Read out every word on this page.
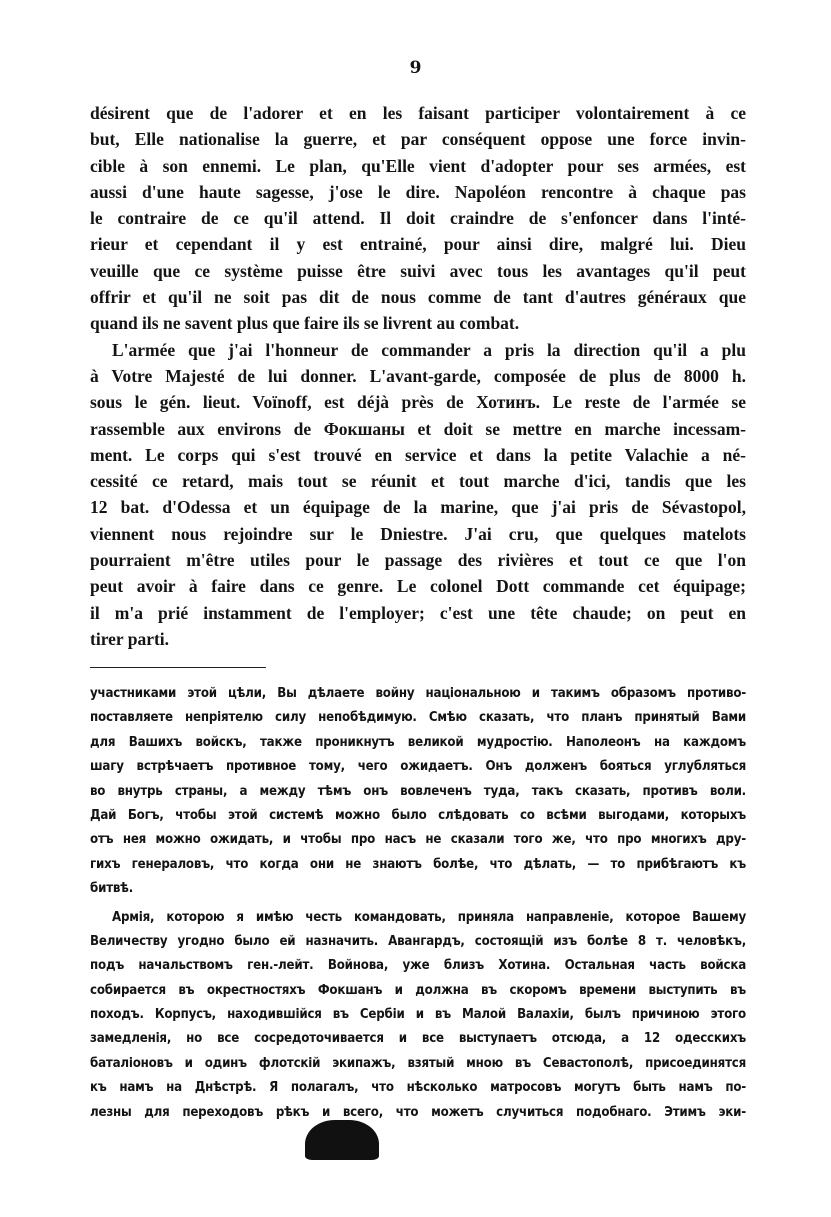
9
désirent que de l'adorer et en les faisant participer volontairement à ce
but, Elle nationalise la guerre, et par conséquent oppose une force invin-
cible à son ennemi. Le plan, qu'Elle vient d'adopter pour ses armées, est
aussi d'une haute sagesse, j'ose le dire. Napoléon rencontre à chaque pas
le contraire de ce qu'il attend. Il doit craindre de s'enfoncer dans l'inté-
rieur et cependant il y est entrainé, pour ainsi dire, malgré lui. Dieu
veuille que ce système puisse être suivi avec tous les avantages qu'il peut
offrir et qu'il ne soit pas dit de nous comme de tant d'autres généraux que
quand ils ne savent plus que faire ils se livrent au combat.
L'armée que j'ai l'honneur de commander a pris la direction qu'il a plu
à Votre Majesté de lui donner. L'avant-garde, composée de plus de 8000 h.
sous le gén. lieut. Voïnoff, est déjà près de Хотинъ. Le reste de l'armée se
rassemble aux environs de Фокшаны et doit se mettre en marche incessam-
ment. Le corps qui s'est trouvé en service et dans la petite Valachie a né-
cessité ce retard, mais tout se réunit et tout marche d'ici, tandis que les
12 bat. d'Odessa et un équipage de la marine, que j'ai pris de Sévastopol,
viennent nous rejoindre sur le Dniestre. J'ai cru, que quelques matelots
pourraient m'être utiles pour le passage des rivières et tout ce que l'on
peut avoir à faire dans ce genre. Le colonel Dott commande cet équipage;
il m'a prié instamment de l'employer; c'est une tête chaude; on peut en
tirer parti.
участниками этой цѣли, Вы дѣлаете войну національною и такимъ образомъ противо-
поставляете непріятелю силу непобѣдимую. Смѣю сказать, что планъ принятый Вами
для Вашихъ войскъ, также проникнутъ великой мудростію. Наполеонъ на каждомъ
шагу встрѣчаетъ противное тому, чего ожидаетъ. Онъ долженъ бояться углубляться
во внутрь страны, а между тѣмъ онъ вовлеченъ туда, такъ сказать, противъ воли.
Дай Богъ, чтобы этой системѣ можно было слѣдовать со всѣми выгодами, которыхъ
отъ нея можно ожидать, и чтобы про насъ не сказали того же, что про многихъ дру-
гихъ генераловъ, что когда они не знаютъ болѣе, что дѣлать, — то прибѣгаютъ къ
битвѣ.
Армія, которою я имѣю честь командовать, приняла направленіе, которое Вашему
Величеству угодно было ей назначить. Авангардъ, состоящій изъ болѣе 8 т. человѣкъ,
подъ начальствомъ ген.-лейт. Войнова, уже близъ Хотина. Остальная часть войска
собирается въ окрестностяхъ Фокшанъ и должна въ скоромъ времени выступить въ
походъ. Корпусъ, находившійся въ Сербіи и въ Малой Валахіи, былъ причиною этого
замедленія, но все сосредоточивается и все выступаетъ отсюда, а 12 одесскихъ
баталіоновъ и одинъ флотскій экипажъ, взятый мною въ Севастополѣ, присоединятся
къ намъ на Днѣстрѣ. Я полагалъ, что нѣсколько матросовъ могутъ быть намъ по-
лезны для переходовъ рѣкъ и всего, что можетъ случиться подобнаго. Этимъ эки-
